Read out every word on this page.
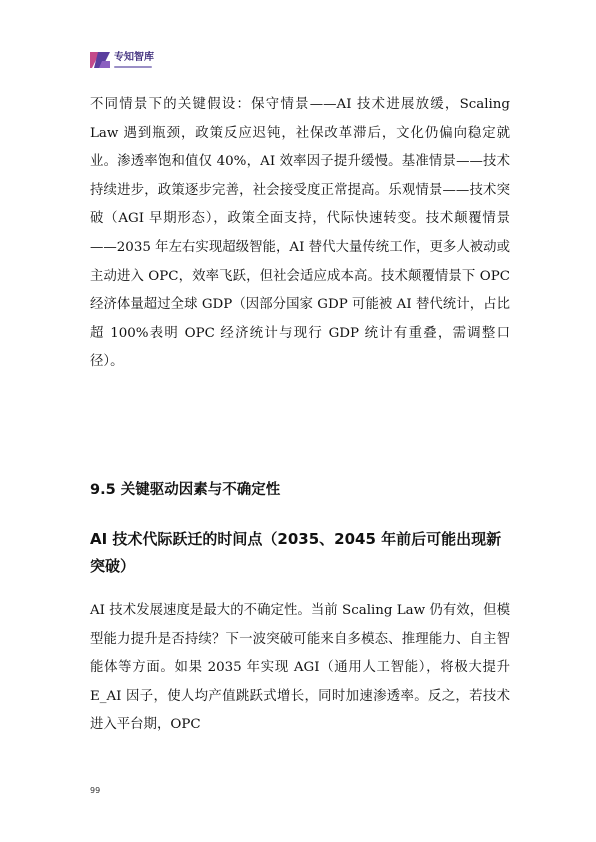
专知智库

不同情景下的关键假设：保守情景——AI 技术进展放缓，Scaling Law 遇到瓶颈，政策反应迟钝，社保改革滞后，文化仍偏向稳定就业。渗透率饱和值仅 40%，AI 效率因子提升缓慢。基准情景——技术持续进步，政策逐步完善，社会接受度正常提高。乐观情景——技术突破（AGI 早期形态），政策全面支持，代际快速转变。技术颠覆情景——2035 年左右实现超级智能，AI 替代大量传统工作，更多人被动或主动进入 OPC，效率飞跃，但社会适应成本高。技术颠覆情景下 OPC 经济体量超过全球 GDP（因部分国家 GDP 可能被 AI 替代统计，占比超 100%表明 OPC 经济统计与现行 GDP 统计有重叠，需调整口径）。

9.5 关键驱动因素与不确定性
AI 技术代际跃迁的时间点（2035、2045 年前后可能出现新突破）

AI 技术发展速度是最大的不确定性。当前 Scaling Law 仍有效，但模型能力提升是否持续？下一波突破可能来自多模态、推理能力、自主智能体等方面。如果 2035 年实现 AGI（通用人工智能），将极大提升 E_AI 因子，使人均产值跳跃式增长，同时加速渗透率。反之，若技术进入平台期，OPC

99
